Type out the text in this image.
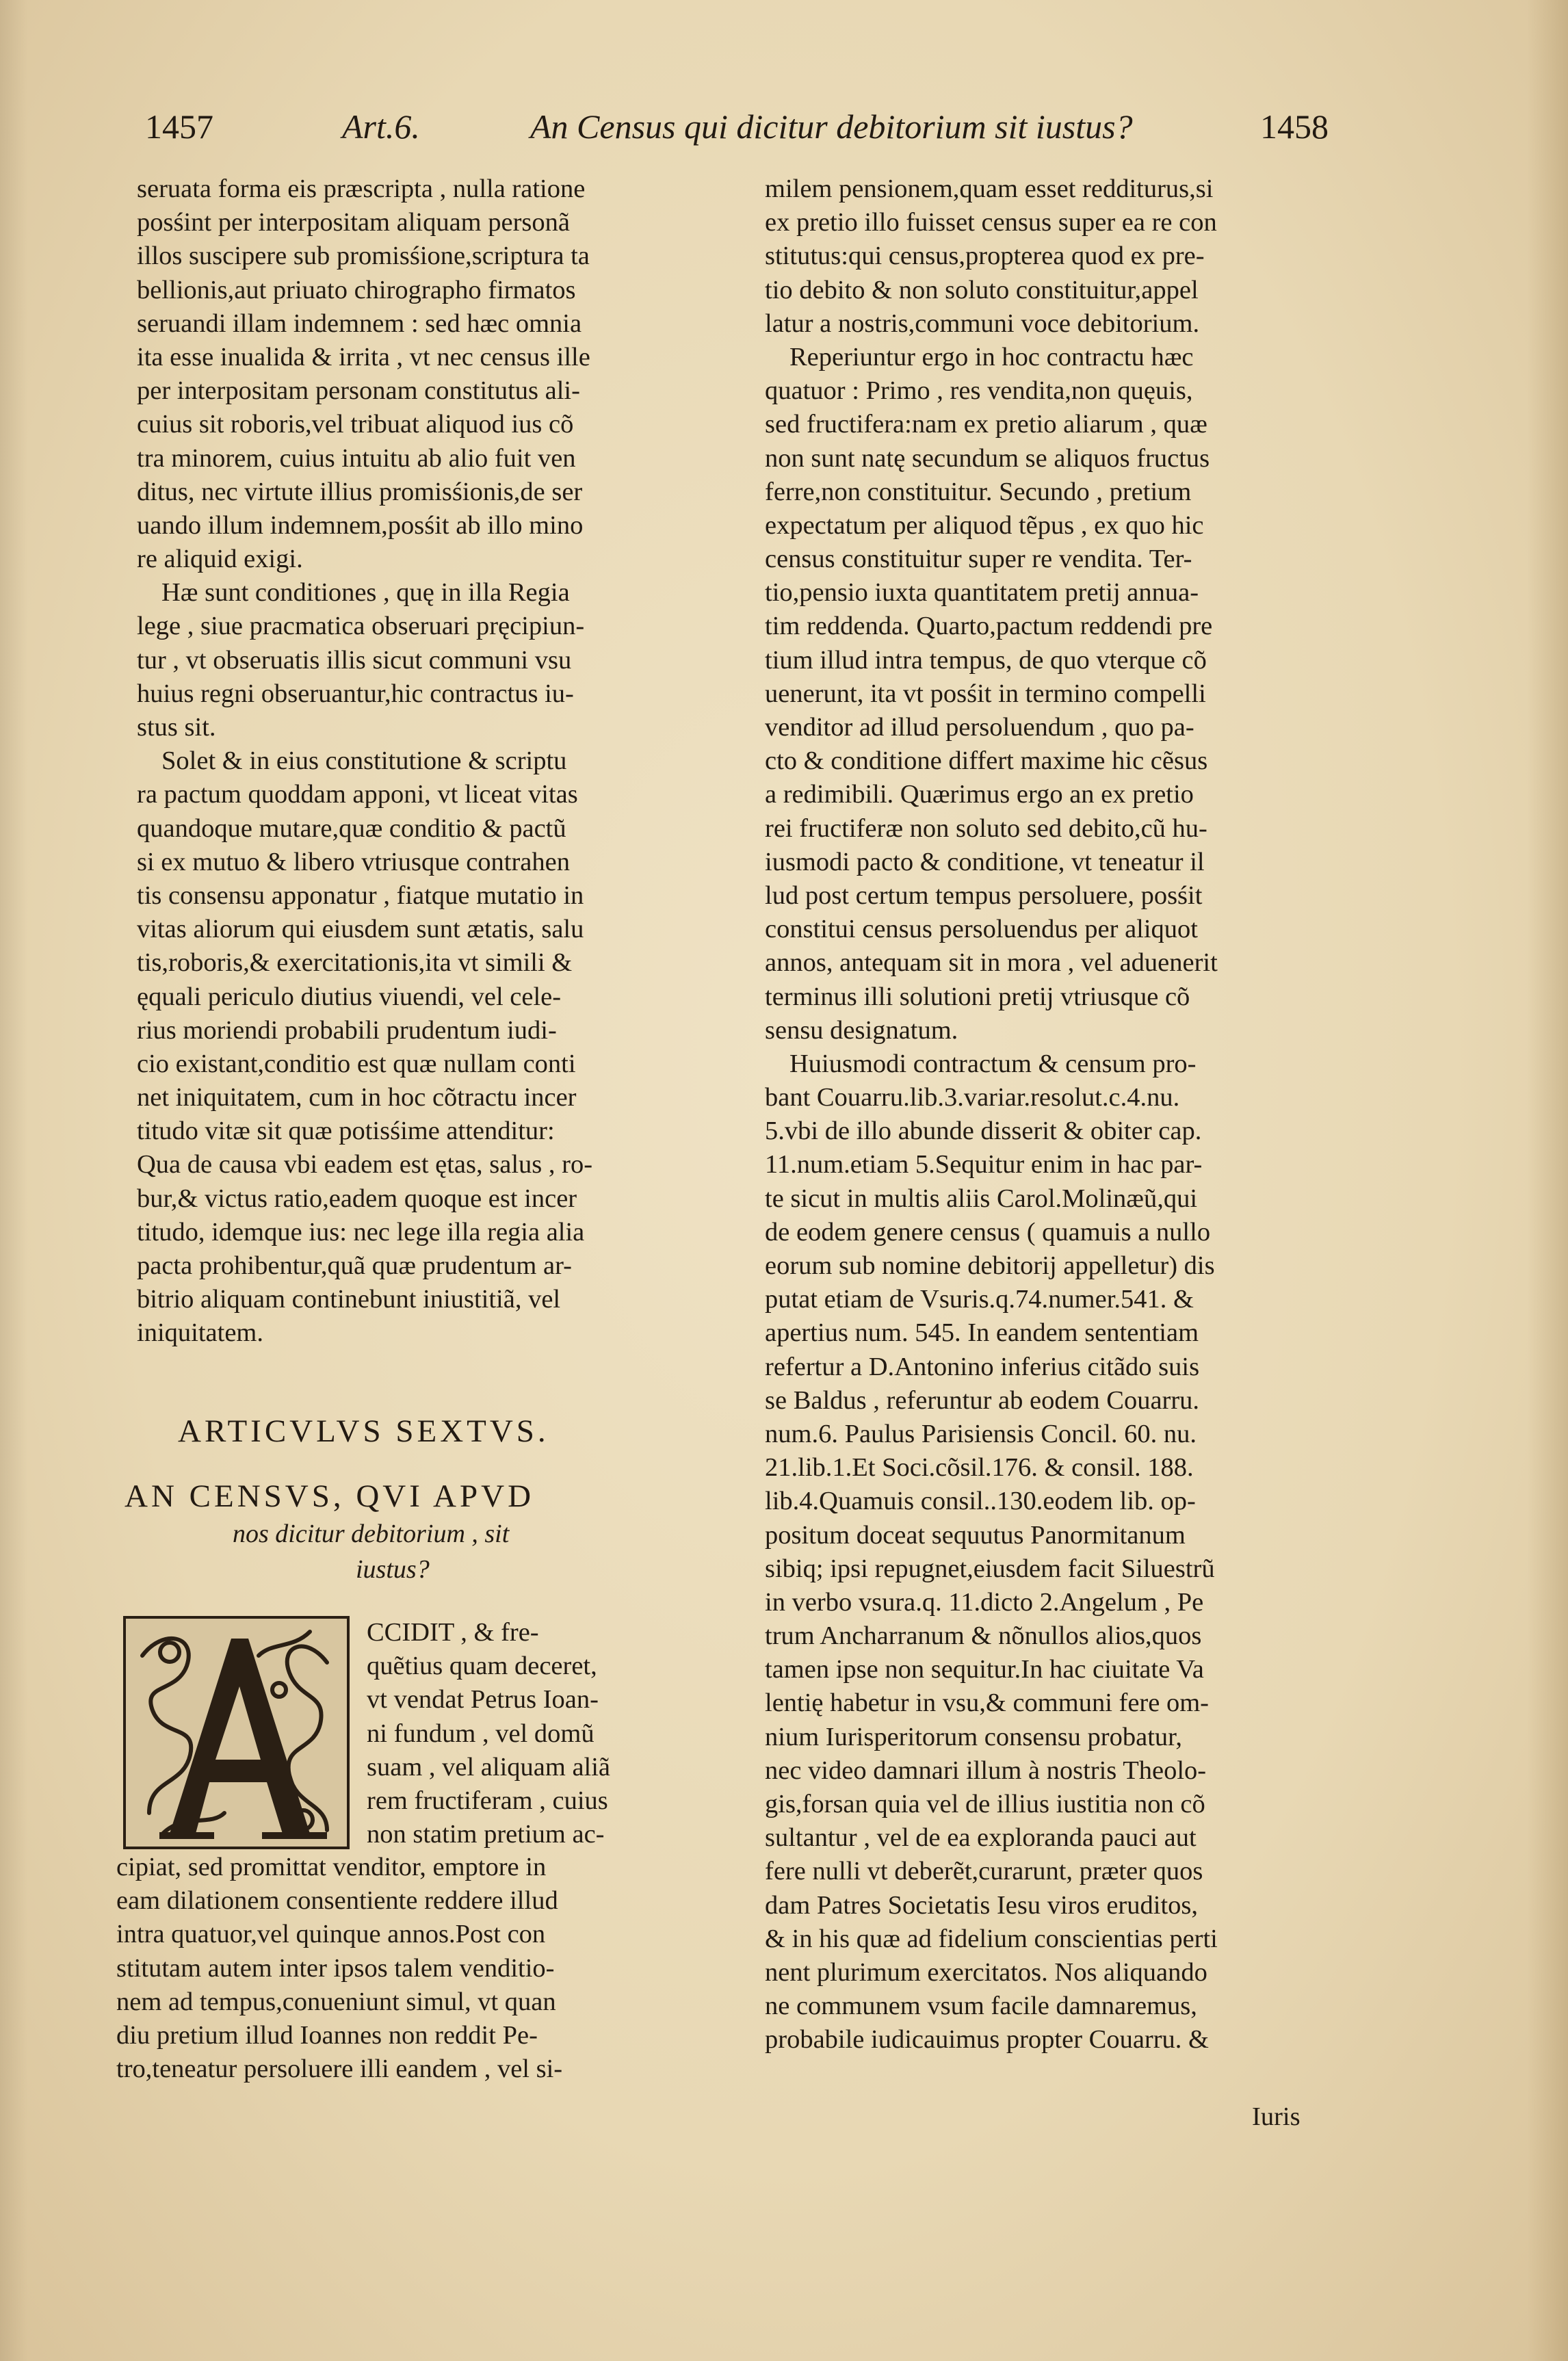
1457	Art.6.	An Census qui dicitur debitorium sit iustus?	1458
seruata forma eis præscripta , nulla ratione
posśint per interpositam aliquam personã
illos suscipere sub promisśione,scriptura ta
bellionis,aut priuato chirographo firmatos
seruandi illam indemnem : sed hæc omnia
ita esse inualida & irrita , vt nec census ille
per interpositam personam constitutus ali-
cuius sit roboris,vel tribuat aliquod ius cõ
tra minorem, cuius intuitu ab alio fuit ven
ditus, nec virtute illius promisśionis,de ser
uando illum indemnem,posśit ab illo mino
re aliquid exigi.
Hæ sunt conditiones , quę in illa Regia
lege , siue pracmatica obseruari pręcipiun-
tur , vt obseruatis illis sicut communi vsu
huius regni obseruantur,hic contractus iu-
stus sit.
Solet & in eius constitutione & scriptu
ra pactum quoddam apponi, vt liceat vitas
quandoque mutare,quæ conditio & pactũ
si ex mutuo & libero vtriusque contrahen
tis consensu apponatur , fiatque mutatio in
vitas aliorum qui eiusdem sunt ætatis, salu
tis,roboris,& exercitationis,ita vt simili &
ęquali periculo diutius viuendi, vel cele-
rius moriendi probabili prudentum iudi-
cio existant,conditio est quæ nullam conti
net iniquitatem, cum in hoc cõtractu incer
titudo vitæ sit quæ potisśime attenditur:
Qua de causa vbi eadem est ętas, salus , ro-
bur,& victus ratio,eadem quoque est incer
titudo, idemque ius: nec lege illa regia alia
pacta prohibentur,quã quæ prudentum ar-
bitrio aliquam continebunt iniustitiã, vel
iniquitatem.
ARTICVLVS SEXTVS.
AN CENSVS, QVI APVD
nos dicitur debitorium , sit
iustus?
CCIDIT , & fre-
quẽtius quam deceret,
vt vendat Petrus Ioan-
ni fundum , vel domũ
suam , vel aliquam aliã
rem fructiferam , cuius
non statim pretium ac-
cipiat, sed promittat venditor, emptore in
eam dilationem consentiente reddere illud
intra quatuor,vel quinque annos.Post con
stitutam autem inter ipsos talem venditio-
nem ad tempus,conueniunt simul, vt quan
diu pretium illud Ioannes non reddit Pe-
tro,teneatur persoluere illi eandem , vel si-
milem pensionem,quam esset redditurus,si
ex pretio illo fuisset census super ea re con
stitutus:qui census,propterea quod ex pre-
tio debito & non soluto constituitur,appel
latur a nostris,communi voce debitorium.
Reperiuntur ergo in hoc contractu hæc
quatuor : Primo , res vendita,non quęuis,
sed fructifera:nam ex pretio aliarum , quæ
non sunt natę secundum se aliquos fructus
ferre,non constituitur. Secundo , pretium
expectatum per aliquod tẽpus , ex quo hic
census constituitur super re vendita. Ter-
tio,pensio iuxta quantitatem pretij annua-
tim reddenda. Quarto,pactum reddendi pre
tium illud intra tempus, de quo vterque cõ
uenerunt, ita vt posśit in termino compelli
venditor ad illud persoluendum , quo pa-
cto & conditione differt maxime hic cẽsus
a redimibili. Quærimus ergo an ex pretio
rei fructiferæ non soluto sed debito,cũ hu-
iusmodi pacto & conditione, vt teneatur il
lud post certum tempus persoluere, posśit
constitui census persoluendus per aliquot
annos, antequam sit in mora , vel aduenerit
terminus illi solutioni pretij vtriusque cõ
sensu designatum.
Huiusmodi contractum & censum pro-
bant Couarru.lib.3.variar.resolut.c.4.nu.
5.vbi de illo abunde disserit & obiter cap.
11.num.etiam 5.Sequitur enim in hac par-
te sicut in multis aliis Carol.Molinæũ,qui
de eodem genere census ( quamuis a nullo
eorum sub nomine debitorij appelletur) dis
putat etiam de Vsuris.q.74.numer.541. &
apertius num. 545. In eandem sententiam
refertur a D.Antonino inferius citãdo suis
se Baldus , referuntur ab eodem Couarru.
num.6. Paulus Parisiensis Concil. 60. nu.
21.lib.1.Et Soci.cõsil.176. & consil. 188.
lib.4.Quamuis consil..130.eodem lib. op-
positum doceat sequutus Panormitanum
sibiq; ipsi repugnet,eiusdem facit Siluestrũ
in verbo vsura.q. 11.dicto 2.Angelum , Pe
trum Ancharranum & nõnullos alios,quos
tamen ipse non sequitur.In hac ciuitate Va
lentię habetur in vsu,& communi fere om-
nium Iurisperitorum consensu probatur,
nec video damnari illum à nostris Theolo-
gis,forsan quia vel de illius iustitia non cõ
sultantur , vel de ea exploranda pauci aut
fere nulli vt deberẽt,curarunt, præter quos
dam Patres Societatis Iesu viros eruditos,
& in his quæ ad fidelium conscientias perti
nent plurimum exercitatos. Nos aliquando
ne communem vsum facile damnaremus,
probabile iudicauimus propter Couarru. &
Iuris
